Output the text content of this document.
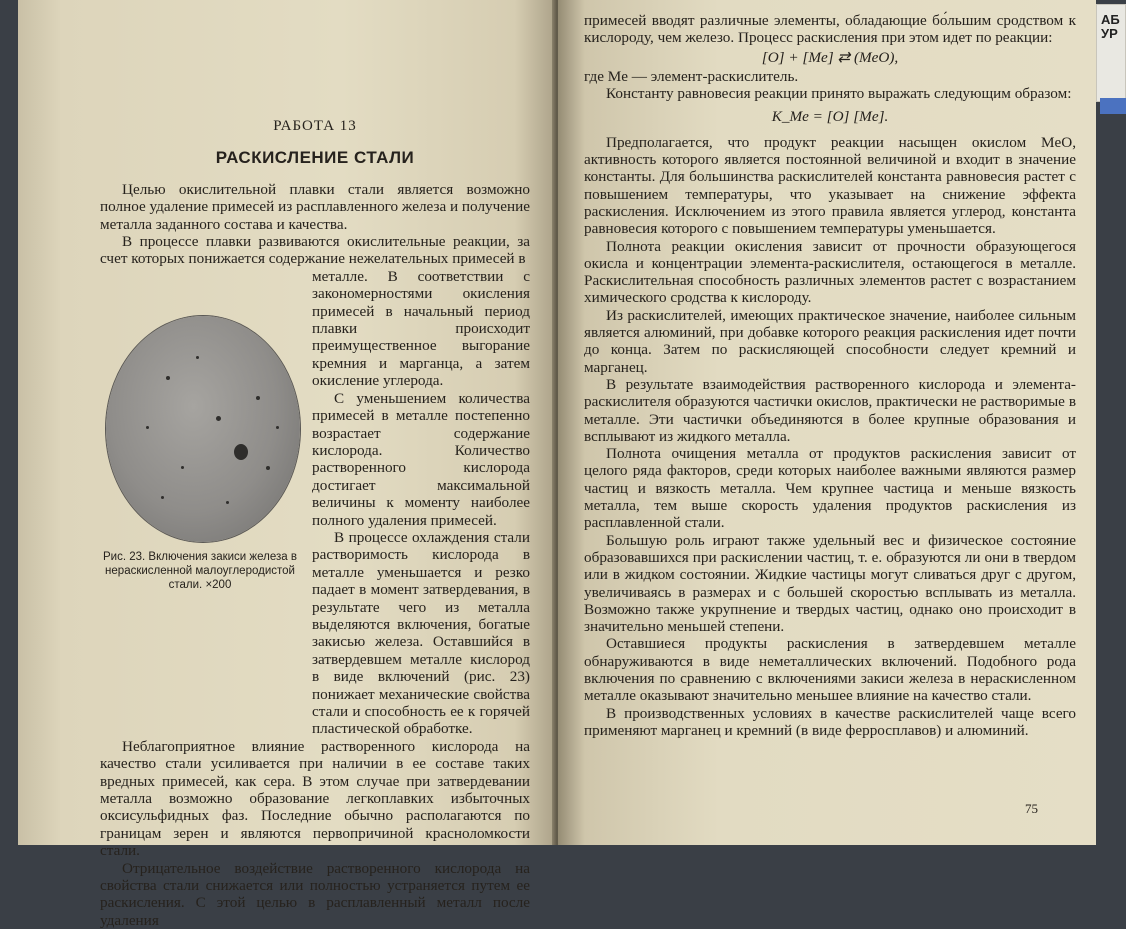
РАБОТА 13
РАСКИСЛЕНИЕ СТАЛИ

Целью окислительной плавки стали является возможно полное удаление примесей из расплавленного железа и получение металла заданного состава и качества.

В процессе плавки развиваются окислительные реакции, за счет которых понижается содержание нежелательных примесей в

Рис. 23. Включения закиси железа в нераскисленной малоуглеродистой стали. ×200

металле. В соответствии с закономерностями окисления примесей в начальный период плавки происходит преимущественное выгорание кремния и марганца, а затем окисление углерода.

С уменьшением количества примесей в металле постепенно возрастает содержание кислорода. Количество растворенного кислорода достигает максимальной величины к моменту наиболее полного удаления примесей.

В процессе охлаждения стали растворимость кислорода в металле уменьшается и резко падает в момент затвердевания, в результате чего из металла выделяются включения, богатые закисью железа. Оставшийся в затвердевшем металле кислород в виде включений (рис. 23) понижает механические свойства стали и способность ее к горячей пластической обработке.

Неблагоприятное влияние растворенного кислорода на качество стали усиливается при наличии в ее составе таких вредных примесей, как сера. В этом случае при затвердевании металла возможно образование легкоплавких избыточных оксисульфидных фаз. Последние обычно располагаются по границам зерен и являются первопричиной красноломкости стали.

Отрицательное воздействие растворенного кислорода на свойства стали снижается или полностью устраняется путем ее раскисления. С этой целью в расплавленный металл после удаления

примесей вводят различные элементы, обладающие бо́льшим сродством к кислороду, чем железо. Процесс раскисления при этом идет по реакции:

[O] + [Me] ⇄ (MeO),

где Me — элемент-раскислитель.

Константу равновесия реакции принято выражать следующим образом:

K_Me = [O] [Me].

Предполагается, что продукт реакции насыщен окислом MeO, активность которого является постоянной величиной и входит в значение константы. Для большинства раскислителей константа равновесия растет с повышением температуры, что указывает на снижение эффекта раскисления. Исключением из этого правила является углерод, константа равновесия которого с повышением температуры уменьшается.

Полнота реакции окисления зависит от прочности образующегося окисла и концентрации элемента-раскислителя, остающегося в металле. Раскислительная способность различных элементов растет с возрастанием химического сродства к кислороду.

Из раскислителей, имеющих практическое значение, наиболее сильным является алюминий, при добавке которого реакция раскисления идет почти до конца. Затем по раскисляющей способности следует кремний и марганец.

В результате взаимодействия растворенного кислорода и элемента-раскислителя образуются частички окислов, практически не растворимые в металле. Эти частички объединяются в более крупные образования и всплывают из жидкого металла.

Полнота очищения металла от продуктов раскисления зависит от целого ряда факторов, среди которых наиболее важными являются размер частиц и вязкость металла. Чем крупнее частица и меньше вязкость металла, тем выше скорость удаления продуктов раскисления из расплавленной стали.

Большую роль играют также удельный вес и физическое состояние образовавшихся при раскислении частиц, т. е. образуются ли они в твердом или в жидком состоянии. Жидкие частицы могут сливаться друг с другом, увеличиваясь в размерах и с большей скоростью всплывать из металла. Возможно также укрупнение и твердых частиц, однако оно происходит в значительно меньшей степени.

Оставшиеся продукты раскисления в затвердевшем металле обнаруживаются в виде неметаллических включений. Подобного рода включения по сравнению с включениями закиси железа в нераскисленном металле оказывают значительно меньшее влияние на качество стали.

В производственных условиях в качестве раскислителей чаще всего применяют марганец и кремний (в виде ферросплавов) и алюминий.

75
АБ
УР
